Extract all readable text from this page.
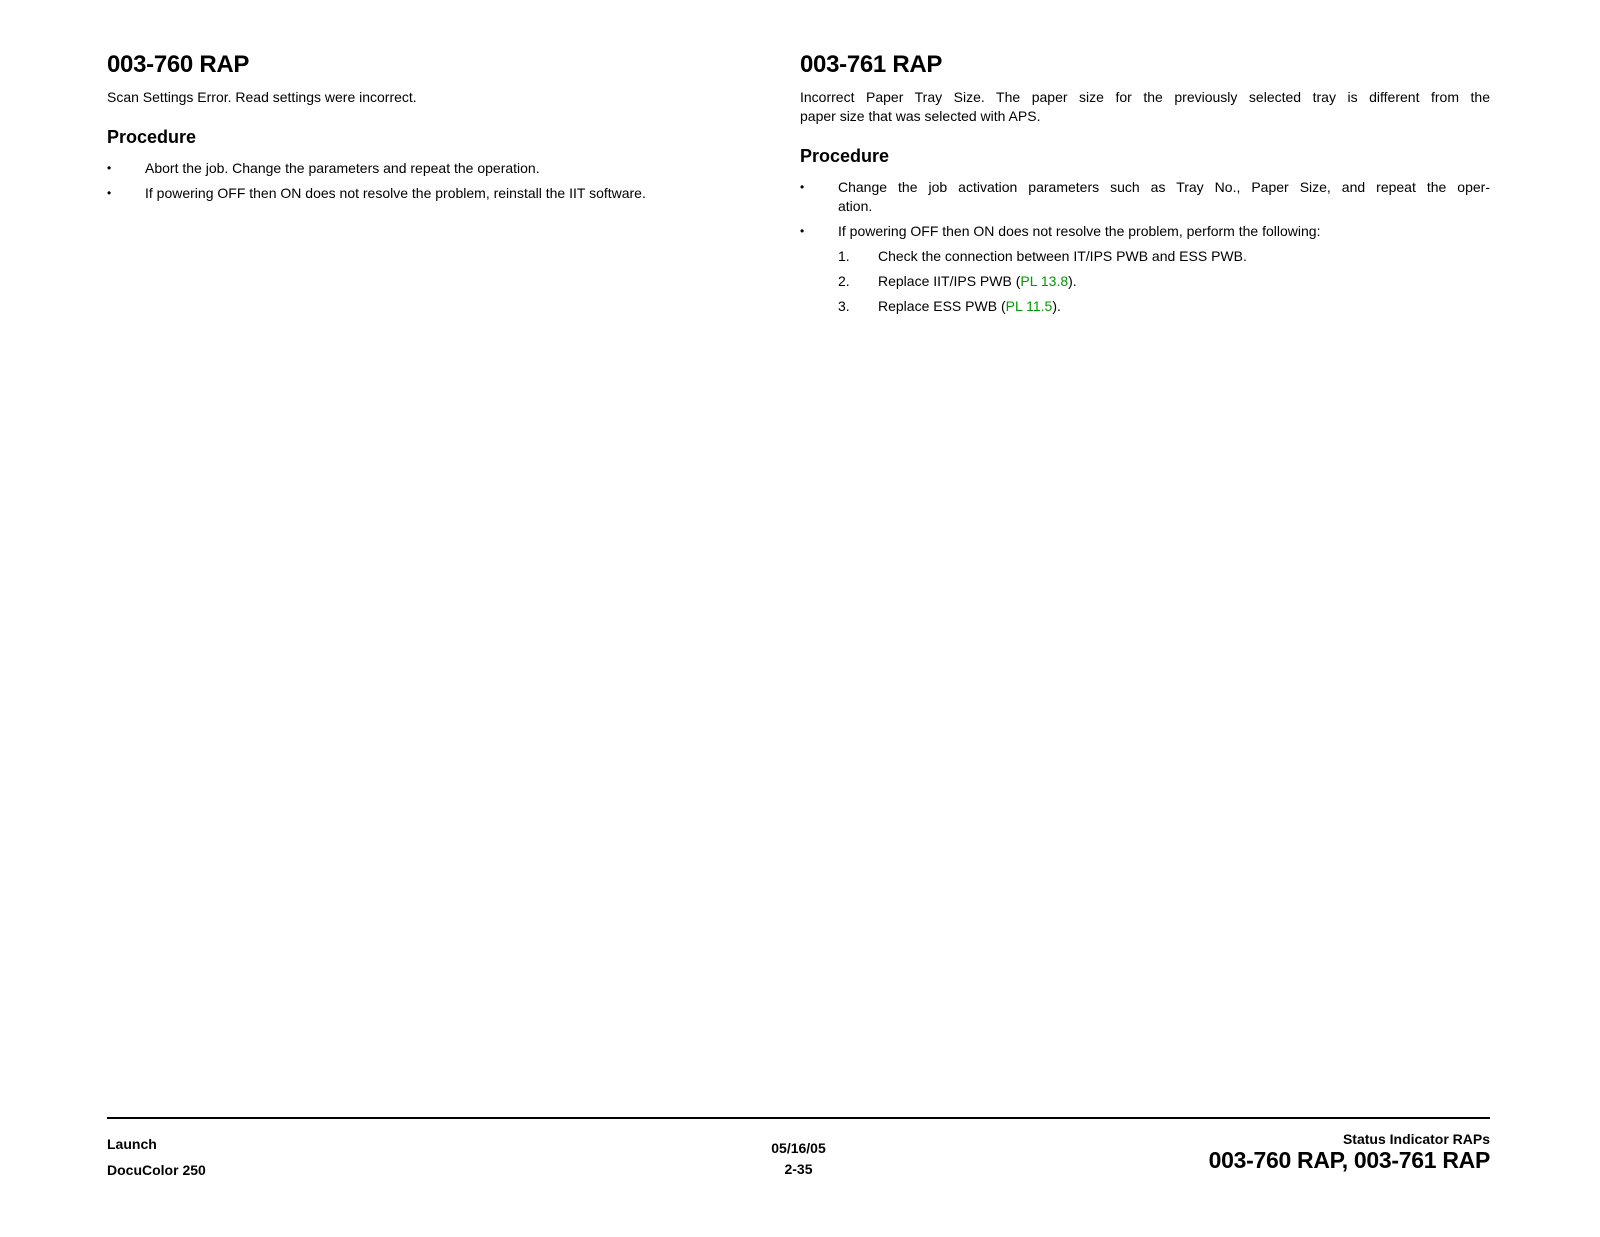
003-760 RAP

Scan Settings Error. Read settings were incorrect.

Procedure
•	Abort the job. Change the parameters and repeat the operation.
•	If powering OFF then ON does not resolve the problem, reinstall the IIT software.
003-761 RAP

Incorrect Paper Tray Size. The paper size for the previously selected tray is different from the
paper size that was selected with APS.

Procedure
•	Change the job activation parameters such as Tray No., Paper Size, and repeat the oper-
ation.
•	If powering OFF then ON does not resolve the problem, perform the following:
1.	Check the connection between IT/IPS PWB and ESS PWB.
2.	Replace IIT/IPS PWB (PL 13.8).
3.	Replace ESS PWB (PL 11.5).
Launch
DocuColor 250
05/16/05
2-35
Status Indicator RAPs
003-760 RAP, 003-761 RAP
